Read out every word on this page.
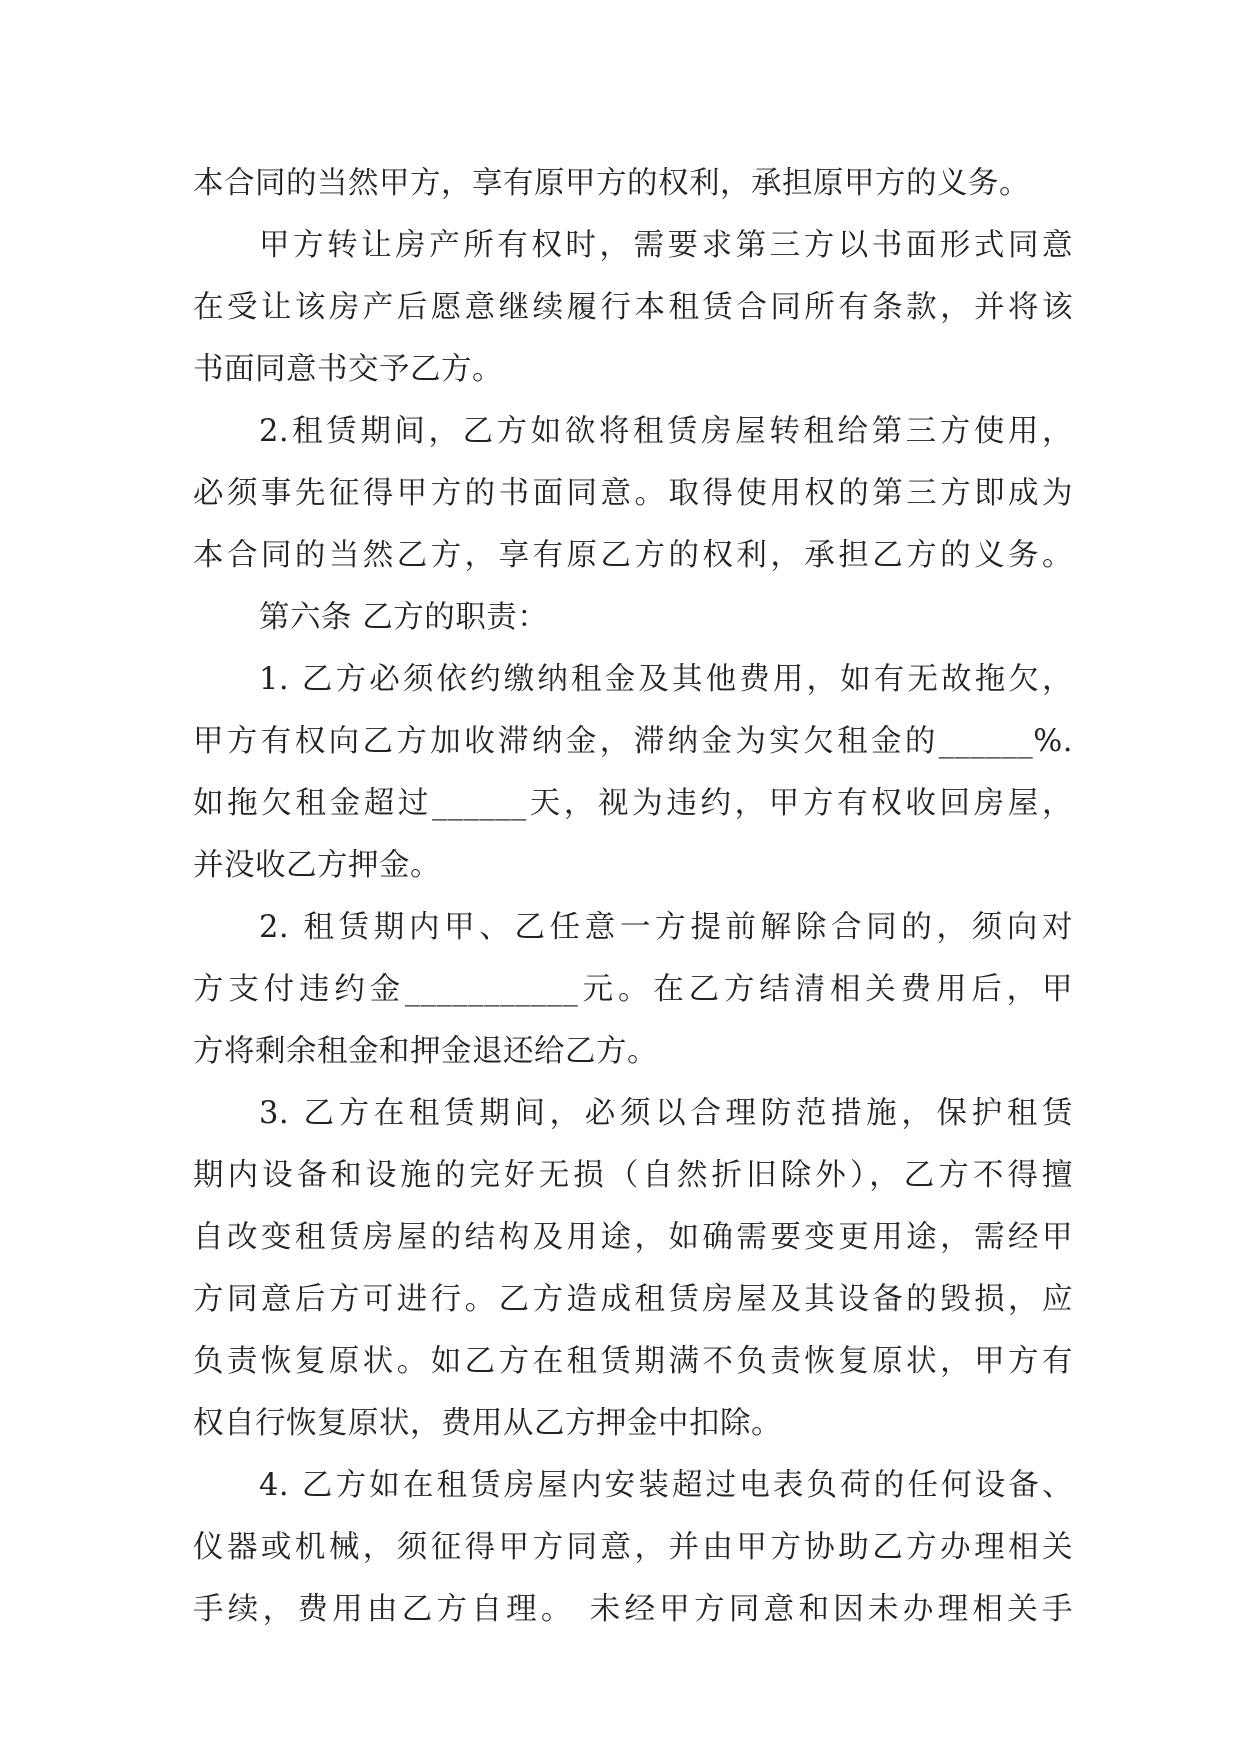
本合同的当然甲方，享有原甲方的权利，承担原甲方的义务。
甲方转让房产所有权时，需要求第三方以书面形式同意
在受让该房产后愿意继续履行本租赁合同所有条款，并将该
书面同意书交予乙方。
2.租赁期间，乙方如欲将租赁房屋转租给第三方使用，
必须事先征得甲方的书面同意。取得使用权的第三方即成为
本合同的当然乙方，享有原乙方的权利，承担乙方的义务。
第六条 乙方的职责：
1. 乙方必须依约缴纳租金及其他费用，如有无故拖欠，
甲方有权向乙方加收滞纳金，滞纳金为实欠租金的______%.
如拖欠租金超过______天，视为违约，甲方有权收回房屋，
并没收乙方押金。
2. 租赁期内甲、乙任意一方提前解除合同的，须向对
方支付违约金___________元。在乙方结清相关费用后，甲
方将剩余租金和押金退还给乙方。
3. 乙方在租赁期间，必须以合理防范措施，保护租赁
期内设备和设施的完好无损（自然折旧除外），乙方不得擅
自改变租赁房屋的结构及用途，如确需要变更用途，需经甲
方同意后方可进行。乙方造成租赁房屋及其设备的毁损，应
负责恢复原状。如乙方在租赁期满不负责恢复原状，甲方有
权自行恢复原状，费用从乙方押金中扣除。
4. 乙方如在租赁房屋内安装超过电表负荷的任何设备、
仪器或机械，须征得甲方同意，并由甲方协助乙方办理相关
手续，费用由乙方自理。 未经甲方同意和因未办理相关手
